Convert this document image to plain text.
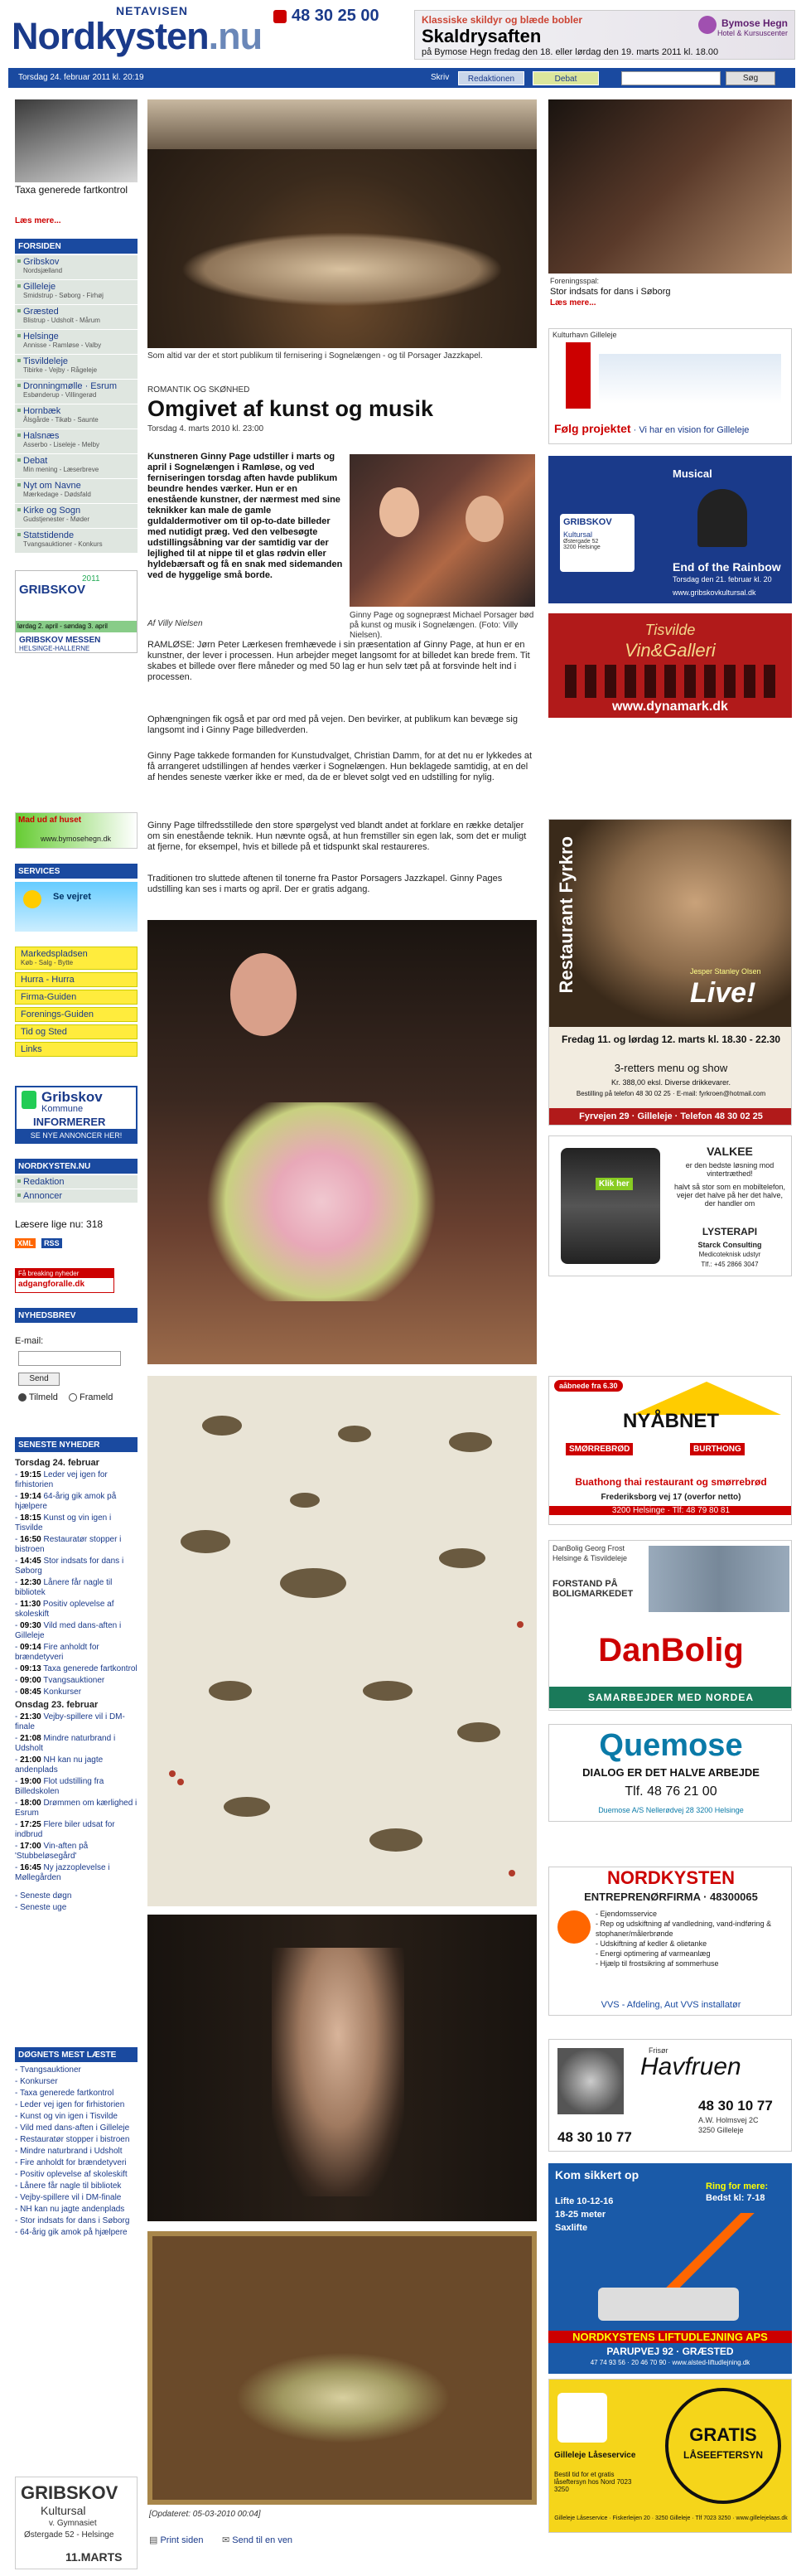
NETAVISEN
Nordkysten.nu	48 30 25 00	Klassiske skildyr og blæde bobler
Skaldrysaften
på Bymose Hegn fredag den 18. eller lørdag den 19. marts 2011 kl. 18.00
Bymose Hegn
Hotel & Kursuscenter
Torsdag 24. februar 2011 kl. 20:19	Skriv	Redaktionen	Debat	Søg
Taxa generede fartkontrol
Læs mere...
FORSIDEN
Gribskov
Nordsjælland
Gilleleje
Smidstrup - Søborg - Firhøj
Græsted
Blistrup - Udsholt - Mårum
Helsinge
Annisse - Ramløse - Valby
Tisvildeleje
Tibirke - Vejby - Rågeleje
Dronningmølle · Esrum
Esbønderup - Villingerød
Hornbæk
Ålsgårde - Tikøb - Saunte
Halsnæs
Asserbo - Liseleje - Melby
Debat
Min mening - Læserbreve
Nyt om Navne
Mærkedage - Dødsfald
Kirke og Sogn
Gudstjenester - Møder
Statstidende
Tvangsauktioner - Konkurs
GRIBSKOV
2011
lørdag 2. april - søndag 3. april
GRIBSKOV MESSEN
HELSINGE-HALLERNE
Mad ud af huset
www.bymosehegn.dk
SERVICES
Se vejret
Markedspladsen
Køb - Salg - Bytte
Hurra - Hurra
Firma-Guiden
Forenings-Guiden
Tid og Sted
Links
Gribskov
Kommune
INFORMERER
SE NYE ANNONCER HER!
NORDKYSTEN.NU
Redaktion
Annoncer
Læsere lige nu: 318
XML RSS
Få breaking nyheder
adgangforalle.dk
NYHEDSBREV
E-mail:
Send
Tilmeld Frameld
SENESTE NYHEDER
Torsdag 24. februar
- 19:15 Leder vej igen for firhistorien
- 19:14 64-årig gik amok på hjælpere
- 18:15 Kunst og vin igen i Tisvilde
- 16:50 Restauratør stopper i bistroen
- 14:45 Stor indsats for dans i Søborg
- 12:30 Lånere får nagle til bibliotek
- 11:30 Positiv oplevelse af skoleskift
- 09:30 Vild med dans-aften i Gilleleje
- 09:14 Fire anholdt for brændetyveri
- 09:13 Taxa generede fartkontrol
- 09:00 Tvangsauktioner
- 08:45 Konkurser
Onsdag 23. februar
- 21:30 Vejby-spillere vil i DM-finale
- 21:08 Mindre naturbrand i Udsholt
- 21:00 NH kan nu jagte andenplads
- 19:00 Flot udstilling fra Billedskolen
- 18:00 Drømmen om kærlighed i Esrum
- 17:25 Flere biler udsat for indbrud
- 17:00 Vin-aften på 'Stubbeløsegård'
- 16:45 Ny jazzoplevelse i Møllegården
- Seneste døgn
- Seneste uge
DØGNETS MEST LÆSTE
- Tvangsauktioner
- Konkurser
- Taxa generede fartkontrol
- Leder vej igen for firhistorien
- Kunst og vin igen i Tisvilde
- Vild med dans-aften i Gilleleje
- Restauratør stopper i bistroen
- Mindre naturbrand i Udsholt
- Fire anholdt for brændetyveri
- Positiv oplevelse af skoleskift
- Lånere får nagle til bibliotek
- Vejby-spillere vil i DM-finale
- NH kan nu jagte andenplads
- Stor indsats for dans i Søborg
- 64-årig gik amok på hjælpere
GRIBSKOV
Kultursal
v. Gymnasiet
Østergade 52 - Helsinge
11.MARTS
Som altid var der et stort publikum til fernisering i Sognelængen - og til Porsager Jazzkapel.
ROMANTIK OG SKØNHED
Omgivet af kunst og musik
Torsdag 4. marts 2010 kl. 23:00
Kunstneren Ginny Page udstiller i marts og april i Sognelængen i Ramløse, og ved ferniseringen torsdag aften havde publikum beundre hendes værker. Hun er en enestående kunstner, der nærmest med sine teknikker kan male de gamle guldaldermotiver om til op-to-date billeder med nutidigt præg. Ved den velbesøgte udstillingsåbning var der samtidig var der lejlighed til at nippe til et glas rødvin eller hyldebærsaft og få en snak med sidemanden ved de hyggelige små borde.
Ginny Page og sognepræst Michael Porsager bød på kunst og musik i Sognelængen. (Foto: Villy Nielsen).
Af Villy Nielsen
RAMLØSE: Jørn Peter Lærkesen fremhævede i sin præsentation af Ginny Page, at hun er en kunstner, der lever i processen. Hun arbejder meget langsomt for at billedet kan brede frem. Tit skabes et billede over flere måneder og med 50 lag er hun selv tæt på at forsvinde helt ind i processen.
Ophængningen fik også et par ord med på vejen. Den bevirker, at publikum kan bevæge sig langsomt ind i Ginny Page billedverden.
Ginny Page takkede formanden for Kunstudvalget, Christian Damm, for at det nu er lykkedes at få arrangeret udstillingen af hendes værker i Sognelængen. Hun beklagede samtidig, at en del af hendes seneste værker ikke er med, da de er blevet solgt ved en udstilling for nylig.
Ginny Page tilfredsstillede den store spørgelyst ved blandt andet at forklare en række detaljer om sin enestående teknik. Hun nævnte også, at hun fremstiller sin egen lak, som det er muligt at fjerne, for eksempel, hvis et billede på et tidspunkt skal restaureres.
Traditionen tro sluttede aftenen til tonerne fra Pastor Porsagers Jazzkapel. Ginny Pages udstilling kan ses i marts og april. Der er gratis adgang.
[Opdateret: 05-03-2010 00:04]
▤ Print siden ✉ Send til en ven
Foreningsspal:
Stor indsats for dans i Søborg
Læs mere...
Kulturhavn Gilleleje
Følg projektet · Vi har en vision for Gilleleje
Musical
GRIBSKOV
Kultursal
Østergade 52
3200 Helsinge
End of the Rainbow
Torsdag den 21. februar kl. 20
www.gribskovkultursal.dk
Tisvilde
Vin&Galleri
www.dynamark.dk
Restaurant Fyrkro	Live!
Jesper Stanley Olsen
Fredag 11. og lørdag 12. marts kl. 18.30 - 22.30
3-retters menu og show
Kr. 388,00 eksl. Diverse drikkevarer.
Bestilling på telefon 48 30 02 25 · E-mail: fyrkroen@hotmail.com
Fyrvejen 29 · Gilleleje · Telefon 48 30 02 25
Klik her
VALKEE
er den bedste løsning mod vintertræthed!
halvt så stor som en mobiltelefon, vejer det halve på her det halve, der handler om
LYSTERAPI
Starck Consulting
Medicoteknisk udstyr
Tlf.: +45 2866 3047
aåbnede fra 6.30
NYÅBNET
SMØRREBRØD	BURTHONG
Buathong thai restaurant og smørrebrød
Frederiksborg vej 17 (overfor netto)
3200 Helsinge · Tlf: 48 79 80 81
DanBolig Georg Frost
Helsinge & Tisvildeleje
FORSTAND PÅ BOLIGMARKEDET
DanBolig
SAMARBEJDER MED NORDEA
Quemose
DIALOG ER DET HALVE ARBEJDE
Tlf. 48 76 21 00
Duemose A/S Nellerødvej 28 3200 Helsinge
NORDKYSTEN
ENTREPRENØRFIRMA · 48300065
- Ejendomsservice
- Rep og udskiftning af vandledning, vand-indføring & stophaner/målerbrønde
- Udskiftning af kedler & olietanke
- Energi optimering af varmeanlæg
- Hjælp til frostsikring af sommerhuse
VVS - Afdeling, Aut VVS installatør
Frisør
Havfruen
48 30 10 77
A.W. Holmsvej 2C
3250 Gilleleje
48 30 10 77
Kom sikkert op
Ring for mere:
Bedst kl: 7-18
Lifte 10-12-16
18-25 meter
Saxlifte
NORDKYSTENS LIFTUDLEJNING APS
PARUPVEJ 92 · GRÆSTED
47 74 93 56 · 20 46 70 90 · www.alsted-liftudlejning.dk
Gilleleje Låseservice
Bestil tid for et gratis låseftersyn hos Nord 7023 3250
GRATIS
LÅSEEFTERSYN
Gilleleje Låseservice · Fiskerleijen 20 · 3250 Gilleleje · Tlf 7023 3250 · www.gillelejelaas.dk
